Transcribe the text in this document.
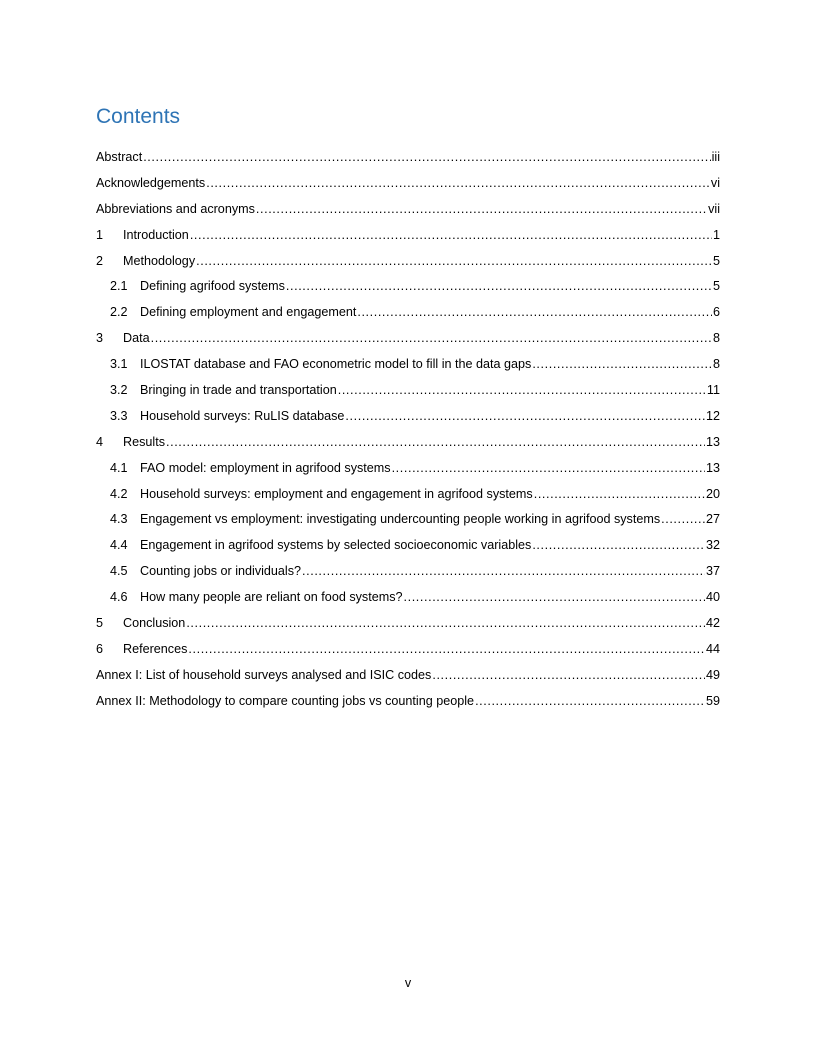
Contents
Abstract .....	iii
Acknowledgements .....	vi
Abbreviations and acronyms .....	vii
1	Introduction .....	1
2	Methodology .....	5
2.1 Defining agrifood systems .....	5
2.2 Defining employment and engagement .....	6
3	Data .....	8
3.1 ILOSTAT database and FAO econometric model to fill in the data gaps .....	8
3.2 Bringing in trade and transportation .....	11
3.3 Household surveys: RuLIS database .....	12
4	Results .....	13
4.1 FAO model: employment in agrifood systems .....	13
4.2 Household surveys: employment and engagement in agrifood systems .....	20
4.3 Engagement vs employment: investigating undercounting people working in agrifood systems .....	27
4.4 Engagement in agrifood systems by selected socioeconomic variables .....	32
4.5 Counting jobs or individuals? .....	37
4.6 How many people are reliant on food systems? .....	40
5	Conclusion .....	42
6	References .....	44
Annex I: List of household surveys analysed and ISIC codes .....	49
Annex II: Methodology to compare counting jobs vs counting people .....	59
v
